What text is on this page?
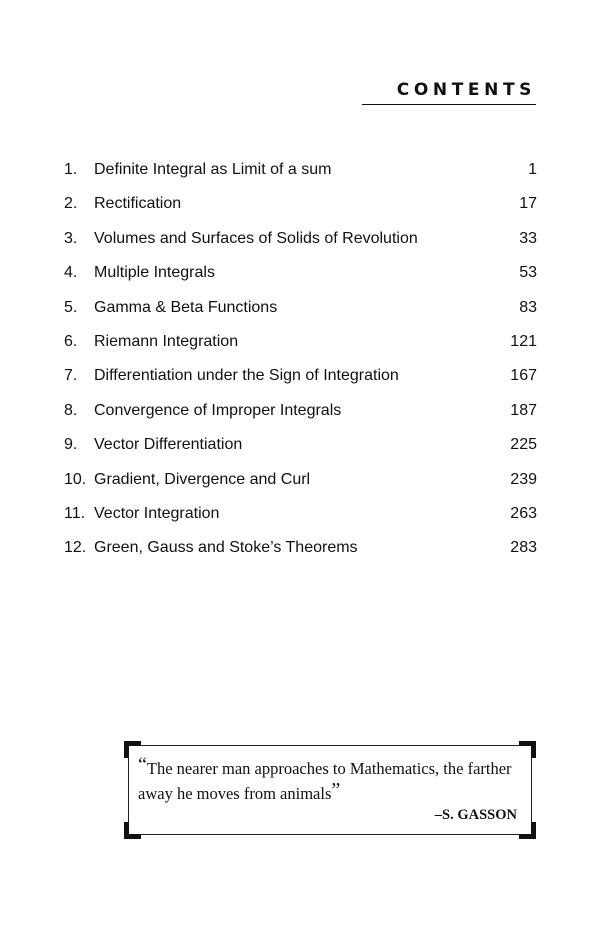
CONTENTS
1.	Definite Integral as Limit of a sum	1
2.	Rectification	17
3.	Volumes and Surfaces of Solids of Revolution	33
4.	Multiple Integrals	53
5.	Gamma & Beta Functions	83
6.	Riemann Integration	121
7.	Differentiation under the Sign of Integration	167
8.	Convergence of Improper Integrals	187
9.	Vector Differentiation	225
10. Gradient, Divergence and Curl	239
11. Vector Integration	263
12. Green, Gauss and Stoke’s Theorems	283

“The nearer man approaches to Mathematics, the farther away he moves from animals”

–S. GASSON
